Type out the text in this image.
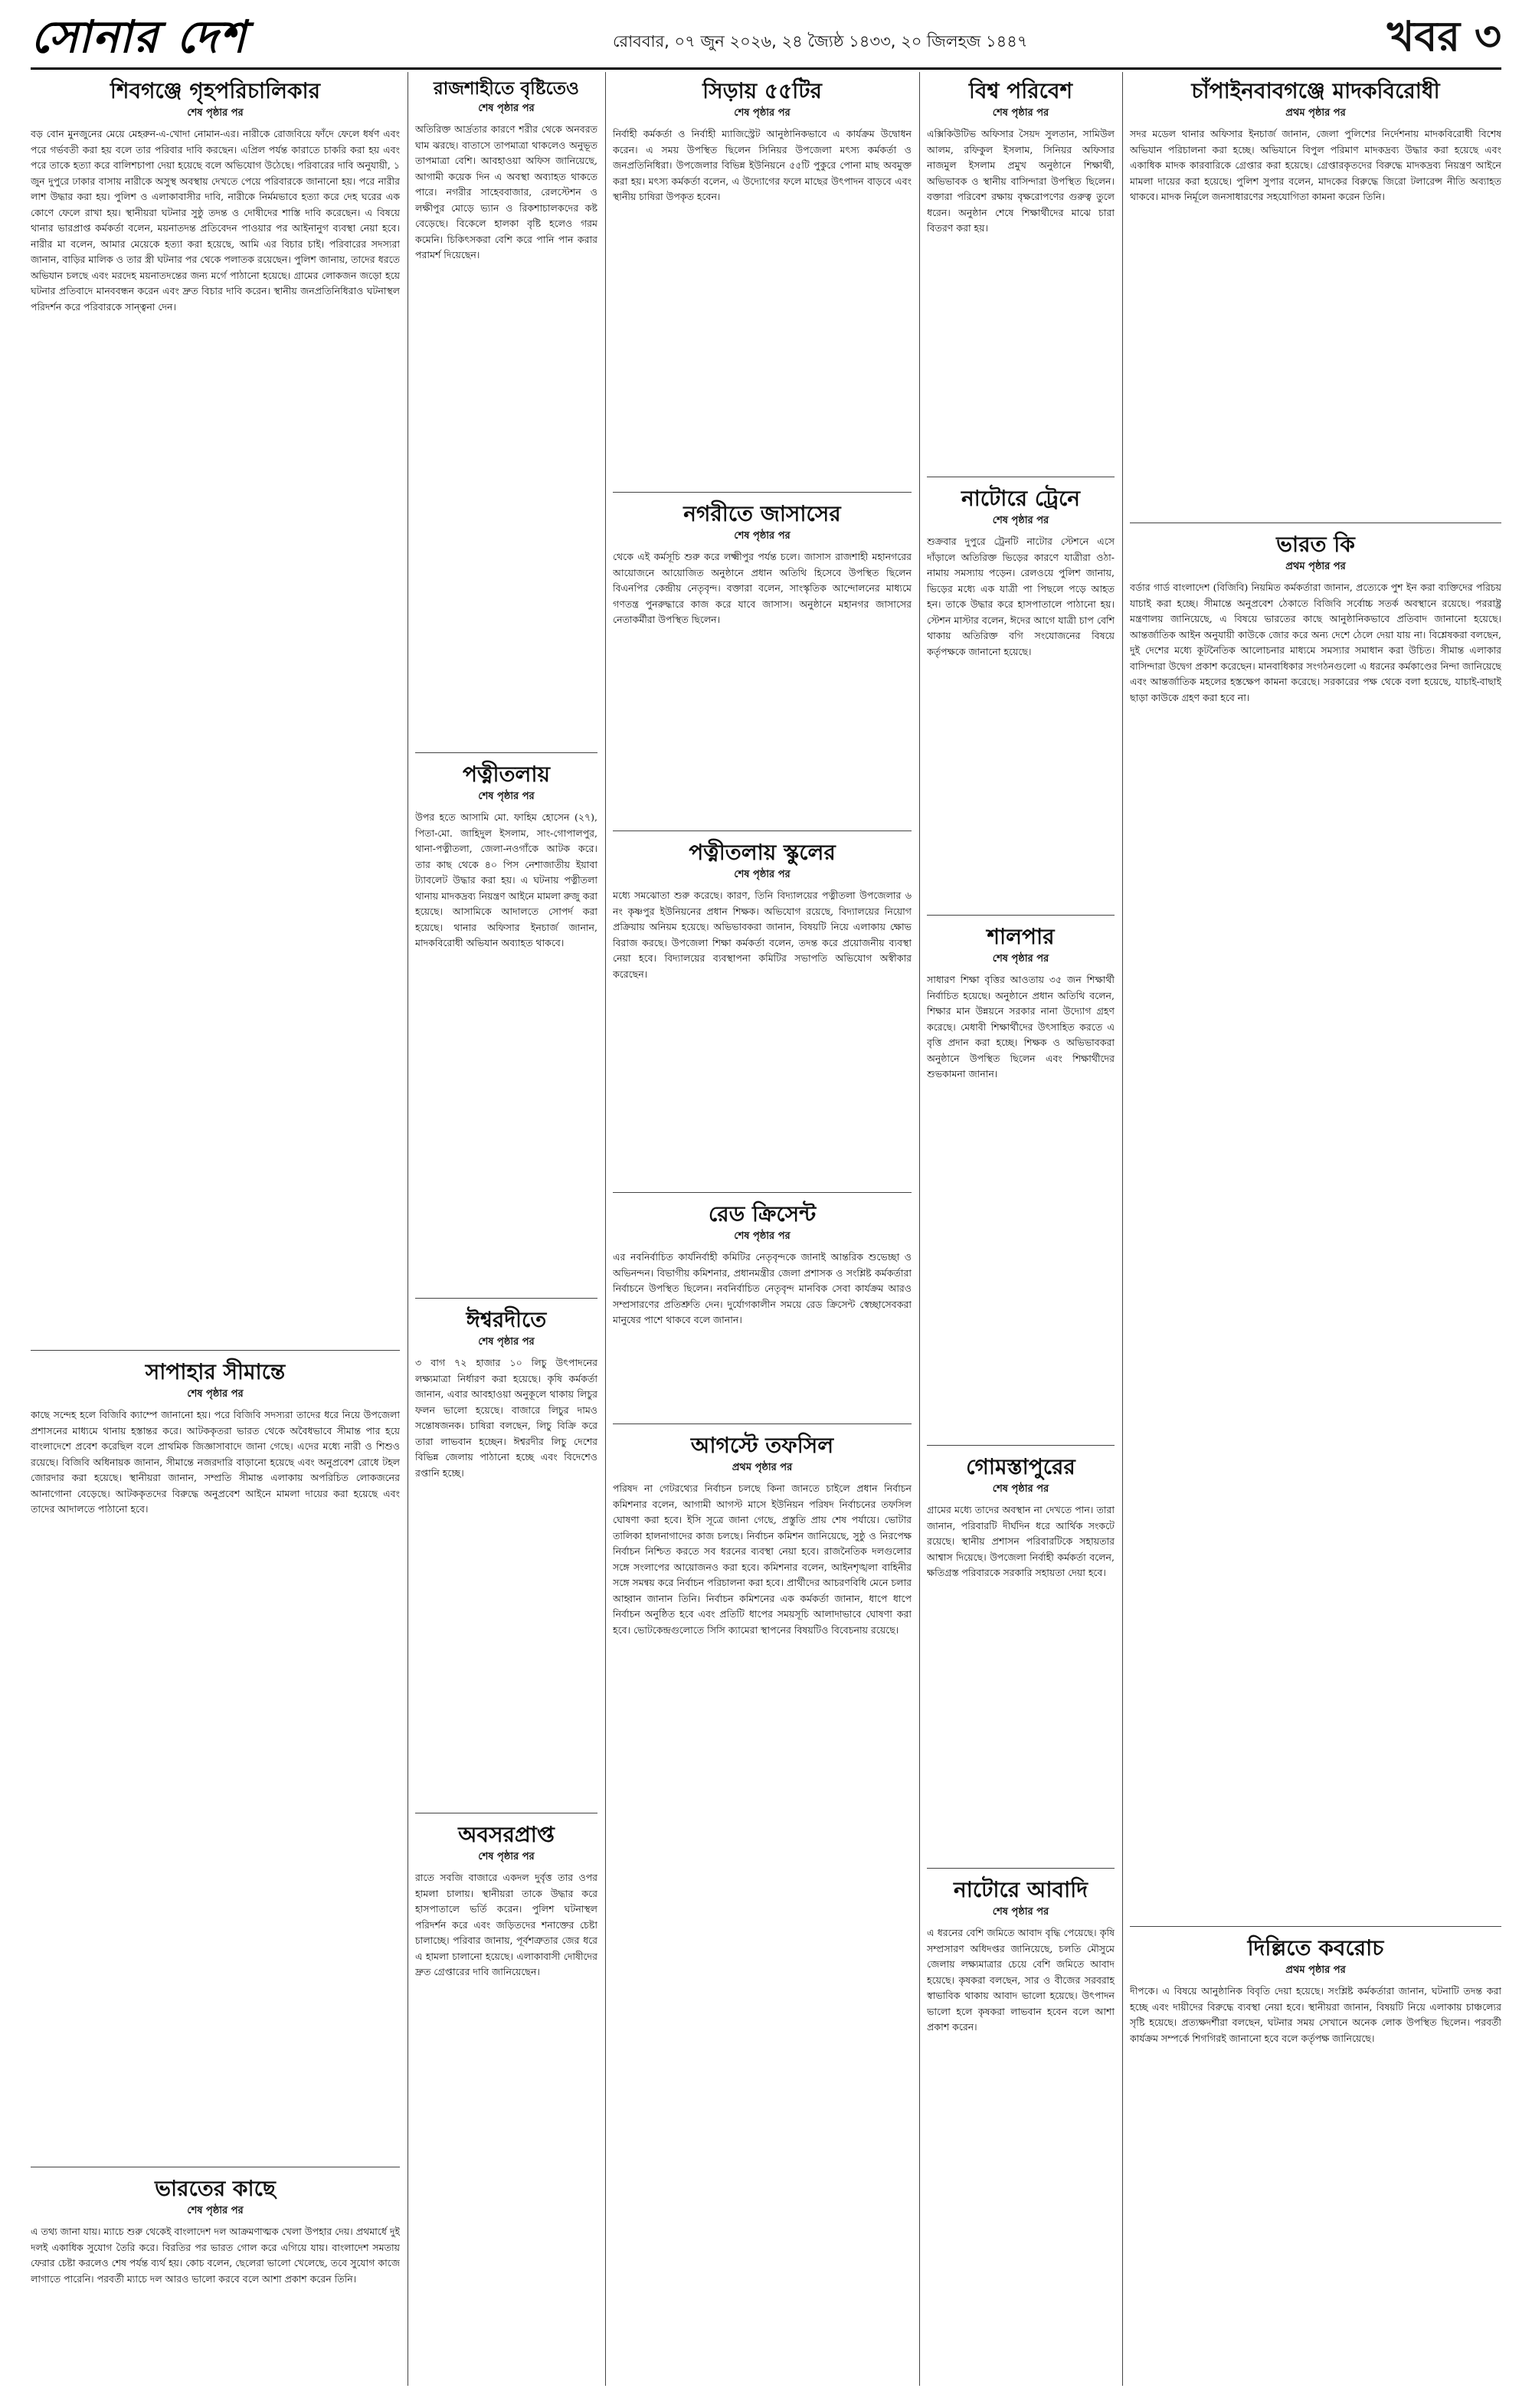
সোনার দেশ	রোববার, ০৭ জুন ২০২৬, ২৪ জ্যৈষ্ঠ ১৪৩৩, ২০ জিলহজ ১৪৪৭	খবর ৩
শিবগঞ্জে গৃহপরিচালিকার
শেষ পৃষ্ঠার পর

বড় বোন মুনজুনের মেয়ে মেহরুন-এ-খোদা নোমান-এর। নারীকে রোজবিয়ে ফাঁদে ফেলে ধর্ষণ এবং পরে গর্ভবতী করা হয় বলে তার পরিবার দাবি করছেন। এপ্রিল পর্যন্ত কারাতে চাকরি করা হয় এবং পরে তাকে হত্যা করে বালিশচাপা দেয়া হয়েছে বলে অভিযোগ উঠেছে। পরিবারের দাবি অনুযায়ী, ১ জুন দুপুরে ঢাকার বাসায় নারীকে অসুস্থ অবস্থায় দেখতে পেয়ে পরিবারকে জানানো হয়। পরে নারীর লাশ উদ্ধার করা হয়। পুলিশ ও এলাকাবাসীর দাবি, নারীকে নির্মমভাবে হত্যা করে দেহ ঘরের এক কোণে ফেলে রাখা হয়। স্থানীয়রা ঘটনার সুষ্ঠু তদন্ত ও দোষীদের শাস্তি দাবি করেছেন। এ বিষয়ে থানার ভারপ্রাপ্ত কর্মকর্তা বলেন, ময়নাতদন্ত প্রতিবেদন পাওয়ার পর আইনানুগ ব্যবস্থা নেয়া হবে। নারীর মা বলেন, আমার মেয়েকে হত্যা করা হয়েছে, আমি এর বিচার চাই। পরিবারের সদস্যরা জানান, বাড়ির মালিক ও তার স্ত্রী ঘটনার পর থেকে পলাতক রয়েছেন। পুলিশ জানায়, তাদের ধরতে অভিযান চলছে এবং মরদেহ ময়নাতদন্তের জন্য মর্গে পাঠানো হয়েছে। গ্রামের লোকজন জড়ো হয়ে ঘটনার প্রতিবাদে মানববন্ধন করেন এবং দ্রুত বিচার দাবি করেন। স্থানীয় জনপ্রতিনিধিরাও ঘটনাস্থল পরিদর্শন করে পরিবারকে সান্ত্বনা দেন।

সাপাহার সীমান্তে
শেষ পৃষ্ঠার পর

কাছে সন্দেহ হলে বিজিবি ক্যাম্পে জানানো হয়। পরে বিজিবি সদস্যরা তাদের ধরে নিয়ে উপজেলা প্রশাসনের মাধ্যমে থানায় হস্তান্তর করে। আটককৃতরা ভারত থেকে অবৈধভাবে সীমান্ত পার হয়ে বাংলাদেশে প্রবেশ করেছিল বলে প্রাথমিক জিজ্ঞাসাবাদে জানা গেছে। এদের মধ্যে নারী ও শিশুও রয়েছে। বিজিবি অধিনায়ক জানান, সীমান্তে নজরদারি বাড়ানো হয়েছে এবং অনুপ্রবেশ রোধে টহল জোরদার করা হয়েছে। স্থানীয়রা জানান, সম্প্রতি সীমান্ত এলাকায় অপরিচিত লোকজনের আনাগোনা বেড়েছে। আটককৃতদের বিরুদ্ধে অনুপ্রবেশ আইনে মামলা দায়ের করা হয়েছে এবং তাদের আদালতে পাঠানো হবে।

ভারতের কাছে
শেষ পৃষ্ঠার পর

এ তথ্য জানা যায়। ম্যাচে শুরু থেকেই বাংলাদেশ দল আক্রমণাত্মক খেলা উপহার দেয়। প্রথমার্ধে দুই দলই একাধিক সুযোগ তৈরি করে। বিরতির পর ভারত গোল করে এগিয়ে যায়। বাংলাদেশ সমতায় ফেরার চেষ্টা করলেও শেষ পর্যন্ত ব্যর্থ হয়। কোচ বলেন, ছেলেরা ভালো খেলেছে, তবে সুযোগ কাজে লাগাতে পারেনি। পরবর্তী ম্যাচে দল আরও ভালো করবে বলে আশা প্রকাশ করেন তিনি।

রাজশাহীতে বৃষ্টিতেও
শেষ পৃষ্ঠার পর

অতিরিক্ত আর্দ্রতার কারণে শরীর থেকে অনবরত ঘাম ঝরছে। বাতাসে তাপমাত্রা থাকলেও অনুভূত তাপমাত্রা বেশি। আবহাওয়া অফিস জানিয়েছে, আগামী কয়েক দিন এ অবস্থা অব্যাহত থাকতে পারে। নগরীর সাহেববাজার, রেলস্টেশন ও লক্ষীপুর মোড়ে ভ্যান ও রিকশাচালকদের কষ্ট বেড়েছে। বিকেলে হালকা বৃষ্টি হলেও গরম কমেনি। চিকিৎসকরা বেশি করে পানি পান করার পরামর্শ দিয়েছেন।

পত্নীতলায়
শেষ পৃষ্ঠার পর

উপর হতে আসামি মো. ফাহিম হোসেন (২৭), পিতা-মো. জাহিদুল ইসলাম, সাং-গোপালপুর, থানা-পত্নীতলা, জেলা-নওগাঁকে আটক করে। তার কাছ থেকে ৪০ পিস নেশাজাতীয় ইয়াবা ট্যাবলেট উদ্ধার করা হয়। এ ঘটনায় পত্নীতলা থানায় মাদকদ্রব্য নিয়ন্ত্রণ আইনে মামলা রুজু করা হয়েছে। আসামিকে আদালতে সোপর্দ করা হয়েছে। থানার অফিসার ইনচার্জ জানান, মাদকবিরোধী অভিযান অব্যাহত থাকবে।

ঈশ্বরদীতে
শেষ পৃষ্ঠার পর

৩ বাগ ৭২ হাজার ১০ লিচু উৎপাদনের লক্ষ্যমাত্রা নির্ধারণ করা হয়েছে। কৃষি কর্মকর্তা জানান, এবার আবহাওয়া অনুকূলে থাকায় লিচুর ফলন ভালো হয়েছে। বাজারে লিচুর দামও সন্তোষজনক। চাষিরা বলছেন, লিচু বিক্রি করে তারা লাভবান হচ্ছেন। ঈশ্বরদীর লিচু দেশের বিভিন্ন জেলায় পাঠানো হচ্ছে এবং বিদেশেও রপ্তানি হচ্ছে।

অবসরপ্রাপ্ত
শেষ পৃষ্ঠার পর

রাতে সবজি বাজারে একদল দুর্বৃত্ত তার ওপর হামলা চালায়। স্থানীয়রা তাকে উদ্ধার করে হাসপাতালে ভর্তি করেন। পুলিশ ঘটনাস্থল পরিদর্শন করে এবং জড়িতদের শনাক্তের চেষ্টা চালাচ্ছে। পরিবার জানায়, পূর্বশত্রুতার জের ধরে এ হামলা চালানো হয়েছে। এলাকাবাসী দোষীদের দ্রুত গ্রেপ্তারের দাবি জানিয়েছেন।

সিড়ায় ৫৫টির
শেষ পৃষ্ঠার পর

নির্বাহী কর্মকর্তা ও নির্বাহী ম্যাজিস্ট্রেট আনুষ্ঠানিকভাবে এ কার্যক্রম উদ্বোধন করেন। এ সময় উপস্থিত ছিলেন সিনিয়র উপজেলা মৎস্য কর্মকর্তা ও জনপ্রতিনিধিরা। উপজেলার বিভিন্ন ইউনিয়নে ৫৫টি পুকুরে পোনা মাছ অবমুক্ত করা হয়। মৎস্য কর্মকর্তা বলেন, এ উদ্যোগের ফলে মাছের উৎপাদন বাড়বে এবং স্থানীয় চাষিরা উপকৃত হবেন।

নগরীতে জাসাসের
শেষ পৃষ্ঠার পর

থেকে এই কর্মসূচি শুরু করে লক্ষ্মীপুর পর্যন্ত চলে। জাসাস রাজশাহী মহানগরের আয়োজনে আয়োজিত অনুষ্ঠানে প্রধান অতিথি হিসেবে উপস্থিত ছিলেন বিএনপির কেন্দ্রীয় নেতৃবৃন্দ। বক্তারা বলেন, সাংস্কৃতিক আন্দোলনের মাধ্যমে গণতন্ত্র পুনরুদ্ধারে কাজ করে যাবে জাসাস। অনুষ্ঠানে মহানগর জাসাসের নেতাকর্মীরা উপস্থিত ছিলেন।

পত্নীতলায় স্কুলের
শেষ পৃষ্ঠার পর

মধ্যে সমঝোতা শুরু করেছে। কারণ, তিনি বিদ্যালয়ের পত্নীতলা উপজেলার ৬ নং কৃষ্ণপুর ইউনিয়নের প্রধান শিক্ষক। অভিযোগ রয়েছে, বিদ্যালয়ের নিয়োগ প্রক্রিয়ায় অনিয়ম হয়েছে। অভিভাবকরা জানান, বিষয়টি নিয়ে এলাকায় ক্ষোভ বিরাজ করছে। উপজেলা শিক্ষা কর্মকর্তা বলেন, তদন্ত করে প্রয়োজনীয় ব্যবস্থা নেয়া হবে। বিদ্যালয়ের ব্যবস্থাপনা কমিটির সভাপতি অভিযোগ অস্বীকার করেছেন।

রেড ক্রিসেন্ট
শেষ পৃষ্ঠার পর

এর নবনির্বাচিত কার্যনির্বাহী কমিটির নেতৃবৃন্দকে জানাই আন্তরিক শুভেচ্ছা ও অভিনন্দন। বিভাগীয় কমিশনার, প্রধানমন্ত্রীর জেলা প্রশাসক ও সংশ্লিষ্ট কর্মকর্তারা নির্বাচনে উপস্থিত ছিলেন। নবনির্বাচিত নেতৃবৃন্দ মানবিক সেবা কার্যক্রম আরও সম্প্রসারণের প্রতিশ্রুতি দেন। দুর্যোগকালীন সময়ে রেড ক্রিসেন্ট স্বেচ্ছাসেবকরা মানুষের পাশে থাকবে বলে জানান।

আগস্টে তফসিল
প্রথম পৃষ্ঠার পর

পরিষদ না গেটরথ্যের নির্বাচন চলছে কিনা জানতে চাইলে প্রধান নির্বাচন কমিশনার বলেন, আগামী আগস্ট মাসে ইউনিয়ন পরিষদ নির্বাচনের তফসিল ঘোষণা করা হবে। ইসি সূত্রে জানা গেছে, প্রস্তুতি প্রায় শেষ পর্যায়ে। ভোটার তালিকা হালনাগাদের কাজ চলছে। নির্বাচন কমিশন জানিয়েছে, সুষ্ঠু ও নিরপেক্ষ নির্বাচন নিশ্চিত করতে সব ধরনের ব্যবস্থা নেয়া হবে। রাজনৈতিক দলগুলোর সঙ্গে সংলাপের আয়োজনও করা হবে। কমিশনার বলেন, আইনশৃঙ্খলা বাহিনীর সঙ্গে সমন্বয় করে নির্বাচন পরিচালনা করা হবে। প্রার্থীদের আচরণবিধি মেনে চলার আহ্বান জানান তিনি। নির্বাচন কমিশনের এক কর্মকর্তা জানান, ধাপে ধাপে নির্বাচন অনুষ্ঠিত হবে এবং প্রতিটি ধাপের সময়সূচি আলাদাভাবে ঘোষণা করা হবে। ভোটকেন্দ্রগুলোতে সিসি ক্যামেরা স্থাপনের বিষয়টিও বিবেচনায় রয়েছে।

বিশ্ব পরিবেশ
শেষ পৃষ্ঠার পর

এক্সিকিউটিভ অফিসার সৈয়দ সুলতান, সামিউল আলম, রফিকুল ইসলাম, সিনিয়র অফিসার নাজমুল ইসলাম প্রমুখ অনুষ্ঠানে শিক্ষার্থী, অভিভাবক ও স্থানীয় বাসিন্দারা উপস্থিত ছিলেন। বক্তারা পরিবেশ রক্ষায় বৃক্ষরোপণের গুরুত্ব তুলে ধরেন। অনুষ্ঠান শেষে শিক্ষার্থীদের মাঝে চারা বিতরণ করা হয়।

নাটোরে ট্রেনে
শেষ পৃষ্ঠার পর

শুক্রবার দুপুরে ট্রেনটি নাটোর স্টেশনে এসে দাঁড়ালে অতিরিক্ত ভিড়ের কারণে যাত্রীরা ওঠা-নামায় সমস্যায় পড়েন। রেলওয়ে পুলিশ জানায়, ভিড়ের মধ্যে এক যাত্রী পা পিছলে পড়ে আহত হন। তাকে উদ্ধার করে হাসপাতালে পাঠানো হয়। স্টেশন মাস্টার বলেন, ঈদের আগে যাত্রী চাপ বেশি থাকায় অতিরিক্ত বগি সংযোজনের বিষয়ে কর্তৃপক্ষকে জানানো হয়েছে।

শালপার
শেষ পৃষ্ঠার পর

সাধারণ শিক্ষা বৃত্তির আওতায় ৩৫ জন শিক্ষার্থী নির্বাচিত হয়েছে। অনুষ্ঠানে প্রধান অতিথি বলেন, শিক্ষার মান উন্নয়নে সরকার নানা উদ্যোগ গ্রহণ করেছে। মেধাবী শিক্ষার্থীদের উৎসাহিত করতে এ বৃত্তি প্রদান করা হচ্ছে। শিক্ষক ও অভিভাবকরা অনুষ্ঠানে উপস্থিত ছিলেন এবং শিক্ষার্থীদের শুভকামনা জানান।

গোমস্তাপুরের
শেষ পৃষ্ঠার পর

গ্রামের মধ্যে তাদের অবস্থান না দেখতে পান। তারা জানান, পরিবারটি দীর্ঘদিন ধরে আর্থিক সংকটে রয়েছে। স্থানীয় প্রশাসন পরিবারটিকে সহায়তার আশ্বাস দিয়েছে। উপজেলা নির্বাহী কর্মকর্তা বলেন, ক্ষতিগ্রস্ত পরিবারকে সরকারি সহায়তা দেয়া হবে।

নাটোরে আবাদি
শেষ পৃষ্ঠার পর

এ ধরনের বেশি জমিতে আবাদ বৃদ্ধি পেয়েছে। কৃষি সম্প্রসারণ অধিদপ্তর জানিয়েছে, চলতি মৌসুমে জেলায় লক্ষ্যমাত্রার চেয়ে বেশি জমিতে আবাদ হয়েছে। কৃষকরা বলছেন, সার ও বীজের সরবরাহ স্বাভাবিক থাকায় আবাদ ভালো হয়েছে। উৎপাদন ভালো হলে কৃষকরা লাভবান হবেন বলে আশা প্রকাশ করেন।

চাঁপাইনবাবগঞ্জে মাদকবিরোধী
প্রথম পৃষ্ঠার পর

সদর মডেল থানার অফিসার ইনচার্জ জানান, জেলা পুলিশের নির্দেশনায় মাদকবিরোধী বিশেষ অভিযান পরিচালনা করা হচ্ছে। অভিযানে বিপুল পরিমাণ মাদকদ্রব্য উদ্ধার করা হয়েছে এবং একাধিক মাদক কারবারিকে গ্রেপ্তার করা হয়েছে। গ্রেপ্তারকৃতদের বিরুদ্ধে মাদকদ্রব্য নিয়ন্ত্রণ আইনে মামলা দায়ের করা হয়েছে। পুলিশ সুপার বলেন, মাদকের বিরুদ্ধে জিরো টলারেন্স নীতি অব্যাহত থাকবে। মাদক নির্মূলে জনসাধারণের সহযোগিতা কামনা করেন তিনি।

ভারত কি
প্রথম পৃষ্ঠার পর

বর্ডার গার্ড বাংলাদেশ (বিজিবি) নিয়মিত কর্মকর্তারা জানান, প্রত্যেকে পুশ ইন করা ব্যক্তিদের পরিচয় যাচাই করা হচ্ছে। সীমান্তে অনুপ্রবেশ ঠেকাতে বিজিবি সর্বোচ্চ সতর্ক অবস্থানে রয়েছে। পররাষ্ট্র মন্ত্রণালয় জানিয়েছে, এ বিষয়ে ভারতের কাছে আনুষ্ঠানিকভাবে প্রতিবাদ জানানো হয়েছে। আন্তর্জাতিক আইন অনুযায়ী কাউকে জোর করে অন্য দেশে ঠেলে দেয়া যায় না। বিশ্লেষকরা বলছেন, দুই দেশের মধ্যে কূটনৈতিক আলোচনার মাধ্যমে সমস্যার সমাধান করা উচিত। সীমান্ত এলাকার বাসিন্দারা উদ্বেগ প্রকাশ করেছেন। মানবাধিকার সংগঠনগুলো এ ধরনের কর্মকাণ্ডের নিন্দা জানিয়েছে এবং আন্তর্জাতিক মহলের হস্তক্ষেপ কামনা করেছে। সরকারের পক্ষ থেকে বলা হয়েছে, যাচাই-বাছাই ছাড়া কাউকে গ্রহণ করা হবে না।

দিল্লিতে কবরোচ
প্রথম পৃষ্ঠার পর

দীপকে। এ বিষয়ে আনুষ্ঠানিক বিবৃতি দেয়া হয়েছে। সংশ্লিষ্ট কর্মকর্তারা জানান, ঘটনাটি তদন্ত করা হচ্ছে এবং দায়ীদের বিরুদ্ধে ব্যবস্থা নেয়া হবে। স্থানীয়রা জানান, বিষয়টি নিয়ে এলাকায় চাঞ্চল্যের সৃষ্টি হয়েছে। প্রত্যক্ষদর্শীরা বলছেন, ঘটনার সময় সেখানে অনেক লোক উপস্থিত ছিলেন। পরবর্তী কার্যক্রম সম্পর্কে শিগগিরই জানানো হবে বলে কর্তৃপক্ষ জানিয়েছে।
